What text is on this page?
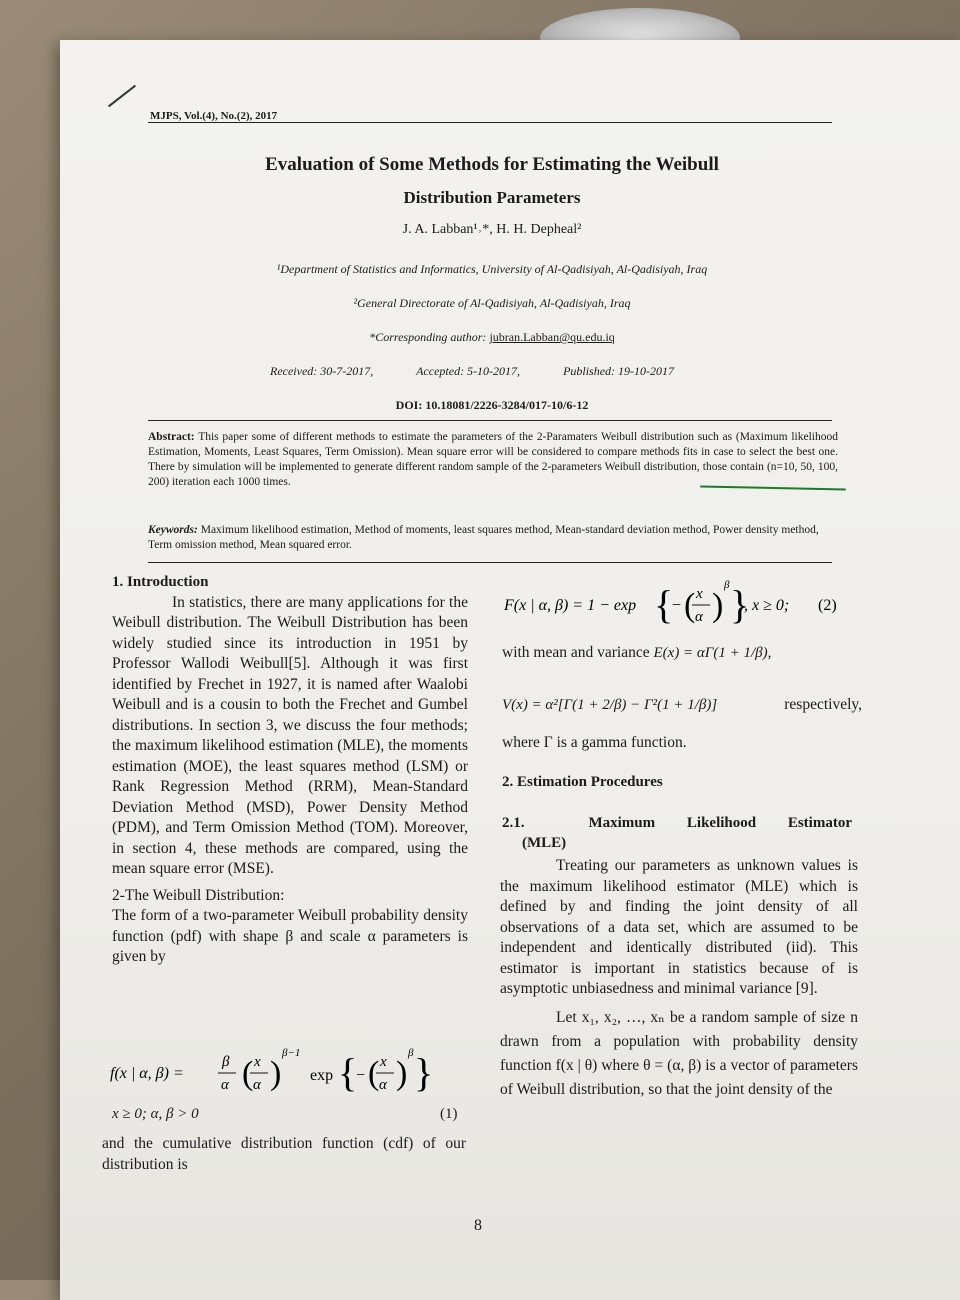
MJPS, Vol.(4), No.(2), 2017
Evaluation of Some Methods for Estimating the Weibull
Distribution Parameters
J. A. Labban¹˒*, H. H. Depheal²
¹Department of Statistics and Informatics, University of Al-Qadisiyah, Al-Qadisiyah, Iraq
²General Directorate of Al-Qadisiyah, Al-Qadisiyah, Iraq
*Corresponding author: jubran.Labban@qu.edu.iq
Received: 30-7-2017,	Accepted: 5-10-2017,	Published: 19-10-2017
DOI: 10.18081/2226-3284/017-10/6-12
Abstract: This paper some of different methods to estimate the parameters of the 2-Paramaters Weibull distribution such as (Maximum likelihood Estimation, Moments, Least Squares, Term Omission). Mean square error will be considered to compare methods fits in case to select the best one. There by simulation will be implemented to generate different random sample of the 2-parameters Weibull distribution, those contain (n=10, 50, 100, 200) iteration each 1000 times.
Keywords: Maximum likelihood estimation, Method of moments, least squares method, Mean-standard deviation method, Power density method, Term omission method, Mean squared error.

1. Introduction

In statistics, there are many applications for the Weibull distribution. The Weibull Distribution has been widely studied since its introduction in 1951 by Professor Wallodi Weibull[5]. Although it was first identified by Frechet in 1927, it is named after Waalobi Weibull and is a cousin to both the Frechet and Gumbel distributions. In section 3, we discuss the four methods; the maximum likelihood estimation (MLE), the moments estimation (MOE), the least squares method (LSM) or Rank Regression Method (RRM), Mean-Standard Deviation Method (MSD), Power Density Method (PDM), and Term Omission Method (TOM). Moreover, in section 4, these methods are compared, using the mean square error (MSE).

2-The Weibull Distribution:

The form of a two-parameter Weibull probability density function (pdf) with shape β and scale α parameters is given by

f(x | α, β) =
β
α ( x
α )
β−1
exp {
− ( x
α )
β }
x ≥ 0; α, β > 0	(1)
and the cumulative distribution function (cdf) of our distribution is
F(x | α, β) = 1 − exp {
− ( x
α )
β }
, x ≥ 0; (2)
with mean and variance E(x) = αΓ(1 + 1/β),
V(x) = α²[Γ(1 + 2/β) − Γ²(1 + 1/β)]	respectively,
where Γ is a gamma function.
2. Estimation Procedures
2.1.	Maximum Likelihood Estimator
(MLE)

Treating our parameters as unknown values is the maximum likelihood estimator (MLE) which is defined by and finding the joint density of all observations of a data set, which are assumed to be independent and identically distributed (iid). This estimator is important in statistics because of is asymptotic unbiasedness and minimal variance [9].

Let x₁, x₂, …, xₙ be a random sample of size n drawn from a population with probability density function f(x | θ) where θ = (α, β) is a vector of parameters of Weibull distribution, so that the joint density of the

8
